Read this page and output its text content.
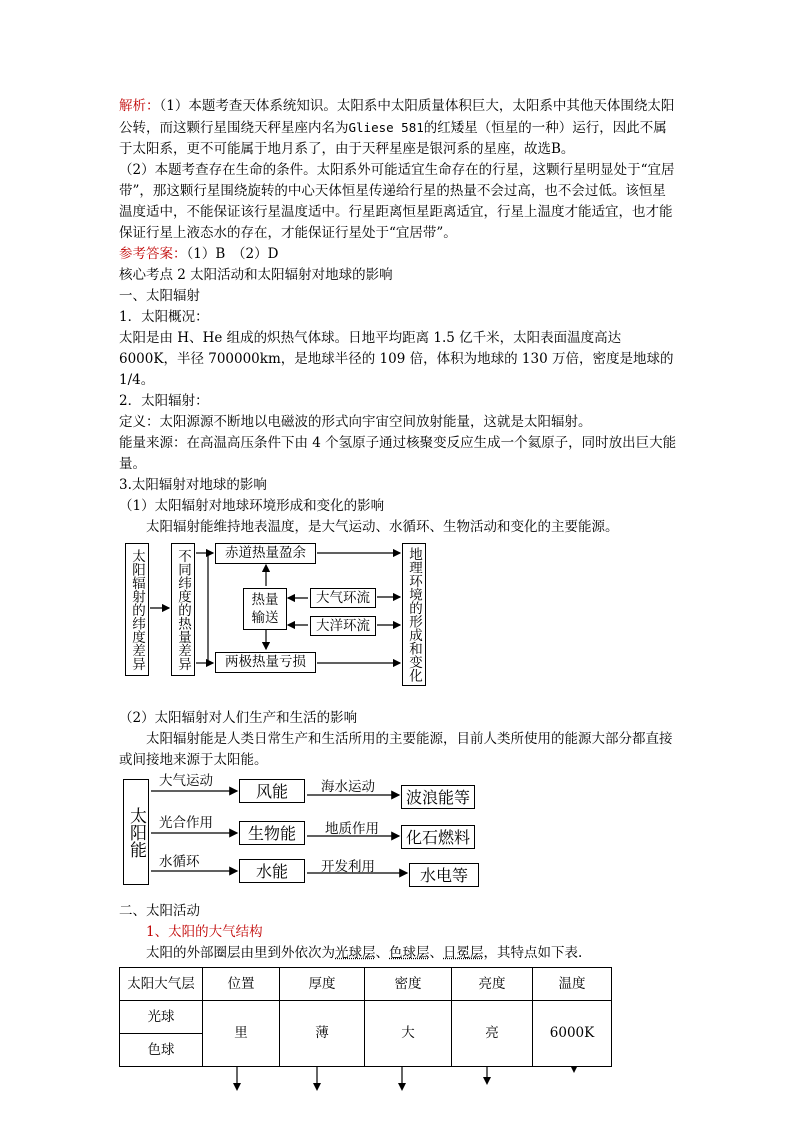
解析：（1）本题考查天体系统知识。太阳系中太阳质量体积巨大，太阳系中其他天体围绕太阳公转，而这颗行星围绕天秤星座内名为Gliese 581的红矮星（恒星的一种）运行，因此不属于太阳系，更不可能属于地月系了，由于天秤星座是银河系的星座，故选B。

（2）本题考查存在生命的条件。太阳系外可能适宜生命存在的行星，这颗行星明显处于“宜居带”，那这颗行星围绕旋转的中心天体恒星传递给行星的热量不会过高，也不会过低。该恒星温度适中，不能保证该行星温度适中。行星距离恒星距离适宜，行星上温度才能适宜，也才能保证行星上液态水的存在，才能保证行星处于“宜居带”。

参考答案：（1）B　（2）D

核心考点 2 太阳活动和太阳辐射对地球的影响

一、太阳辐射

1．太阳概况：

太阳是由 H、He 组成的炽热气体球。日地平均距离 1.5 亿千米，太阳表面温度高达 6000K，半径 700000km，是地球半径的 109 倍，体积为地球的 130 万倍，密度是地球的 1/4。

2．太阳辐射：

定义：太阳源源不断地以电磁波的形式向宇宙空间放射能量，这就是太阳辐射。

能量来源：在高温高压条件下由 4 个氢原子通过核聚变反应生成一个氦原子，同时放出巨大能量。

3.太阳辐射对地球的影响

（1）太阳辐射对地球环境形成和变化的影响

太阳辐射能维持地表温度，是大气运动、水循环、生物活动和变化的主要能源。

太阳辐射的纬度差异 不同纬度的热量差异	赤道热量盈余
两极热量亏损
热量输送
大气环流
大洋环流	地理环境的形成和变化

（2）太阳辐射对人们生产和生活的影响

太阳辐射能是人类日常生产和生活所用的主要能源，目前人类所使用的能源大部分都直接或间接地来源于太阳能。

太阳能
大气运动
风能	海水运动
波浪能等
光合作用
生物能	地质作用	化石燃料
水循环	水能	开发利用	水电等

二、太阳活动

1、太阳的大气结构

太阳的外部圈层由里到外依次为光球层、色球层、日冕层，其特点如下表.

太阳大气层	位置	厚度	密度	亮度	温度
光球	里	薄	大	亮	6000K
色球					
